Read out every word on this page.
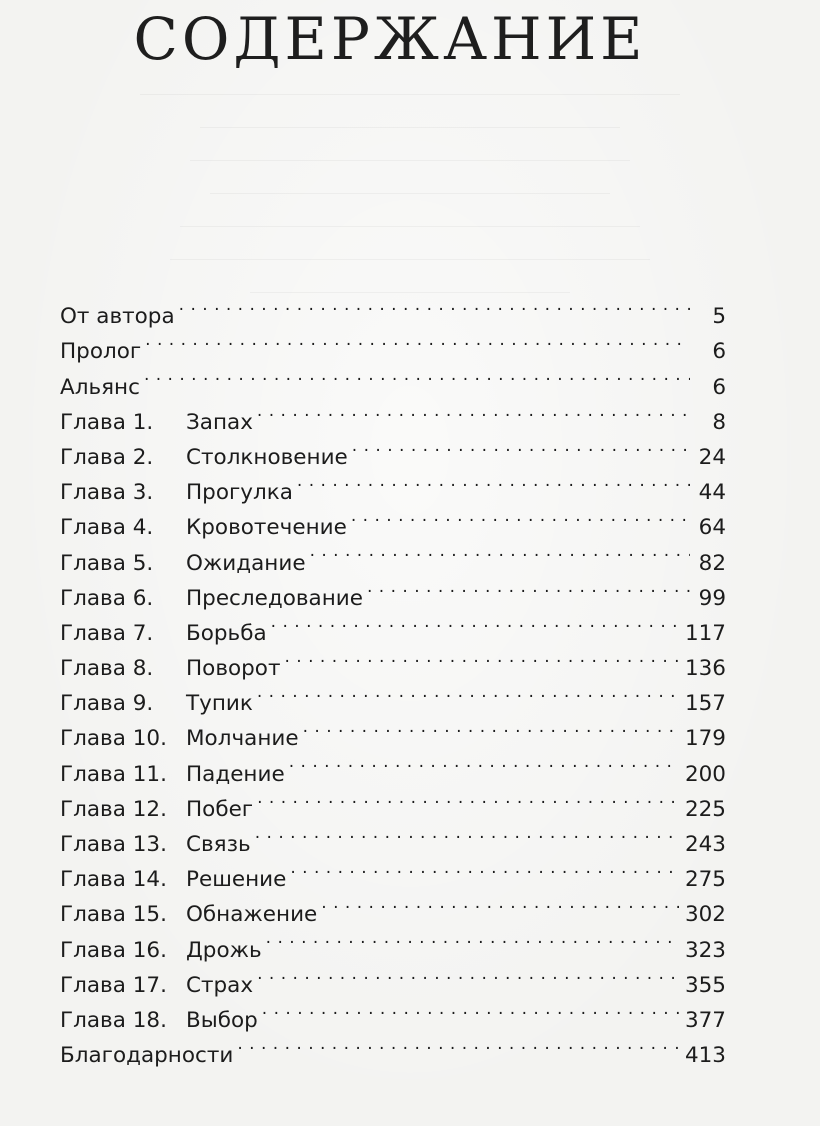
СОДЕРЖАНИЕ
От автора . . .	5
Пролог . . .	6
Альянс . . .	6
Глава 1.	Запах . . .	8
Глава 2.	Столкновение . . .	24
Глава 3.	Прогулка . . .	44
Глава 4.	Кровотечение . . .	64
Глава 5.	Ожидание . . .	82
Глава 6.	Преследование . . .	99
Глава 7.	Борьба . . .	117
Глава 8.	Поворот . . .	136
Глава 9.	Тупик . . .	157
Глава 10. Молчание . . .	179
Глава 11. Падение . . .	200
Глава 12. Побег . . .	225
Глава 13. Связь . . .	243
Глава 14. Решение . . .	275
Глава 15. Обнажение . . .	302
Глава 16. Дрожь . . .	323
Глава 17. Страх . . .	355
Глава 18. Выбор . . .	377
Благодарности . . .	413
